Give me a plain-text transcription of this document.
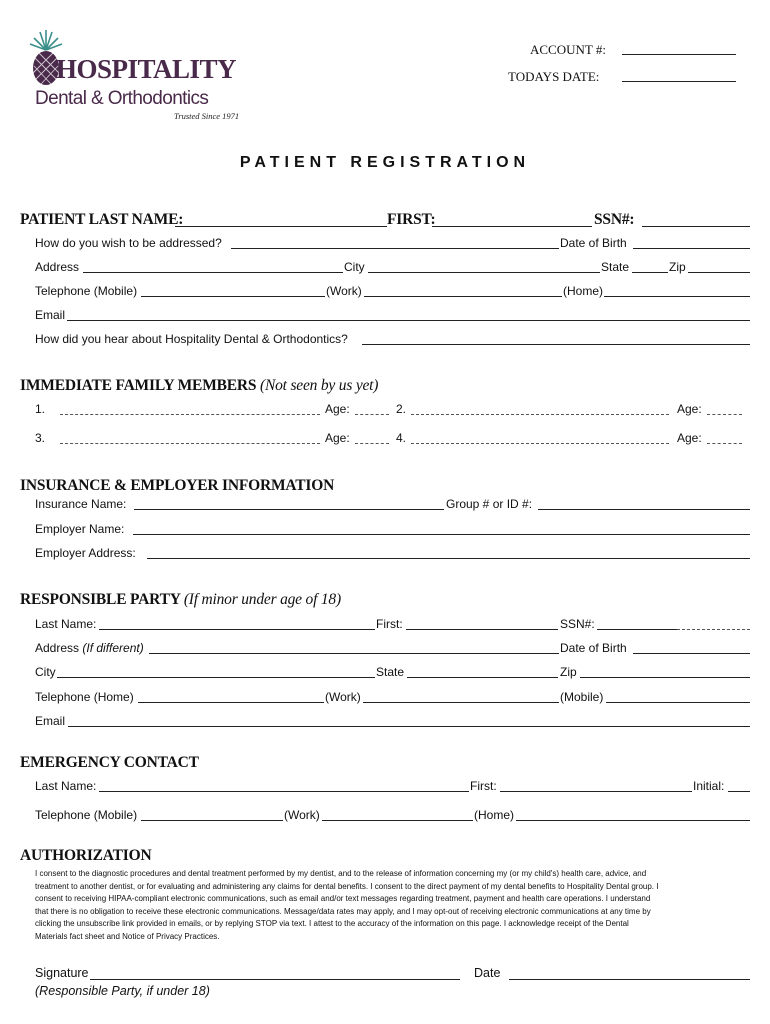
HOSPITALITY
Dental & Orthodontics
Trusted Since 1971
ACCOUNT #:
TODAYS DATE:
PATIENT REGISTRATION
PATIENT LAST NAME:	FIRST:	SSN#:
How do you wish to be addressed?	Date of Birth
Address	City	State	Zip
Telephone (Mobile)	(Work)	(Home)
Email
How did you hear about Hospitality Dental & Orthodontics?
IMMEDIATE FAMILY MEMBERS (Not seen by us yet)
1.	Age:	2.	Age:
3.	Age:	4.	Age:
INSURANCE & EMPLOYER INFORMATION
Insurance Name:	Group # or ID #:
Employer Name:
Employer Address:
RESPONSIBLE PARTY (If minor under age of 18)
Last Name:	First:	SSN#:
Address (If different)	Date of Birth
City	State	Zip
Telephone (Home)	(Work)	(Mobile)
Email
EMERGENCY CONTACT
Last Name:	First:	Initial:
Telephone (Mobile)	(Work)	(Home)
AUTHORIZATION
I consent to the diagnostic procedures and dental treatment performed by my dentist, and to the release of information concerning my (or my child's) health care, advice, and
treatment to another dentist, or for evaluating and administering any claims for dental benefits. I consent to the direct payment of my dental benefits to Hospitality Dental group. I
consent to receiving HIPAA-compliant electronic communications, such as email and/or text messages regarding treatment, payment and health care operations. I understand
that there is no obligation to receive these electronic communications. Message/data rates may apply, and I may opt-out of receiving electronic communications at any time by
clicking the unsubscribe link provided in emails, or by replying STOP via text. I attest to the accuracy of the information on this page. I acknowledge receipt of the Dental
Materials fact sheet and Notice of Privacy Practices.
Signature	Date
(Responsible Party, if under 18)
